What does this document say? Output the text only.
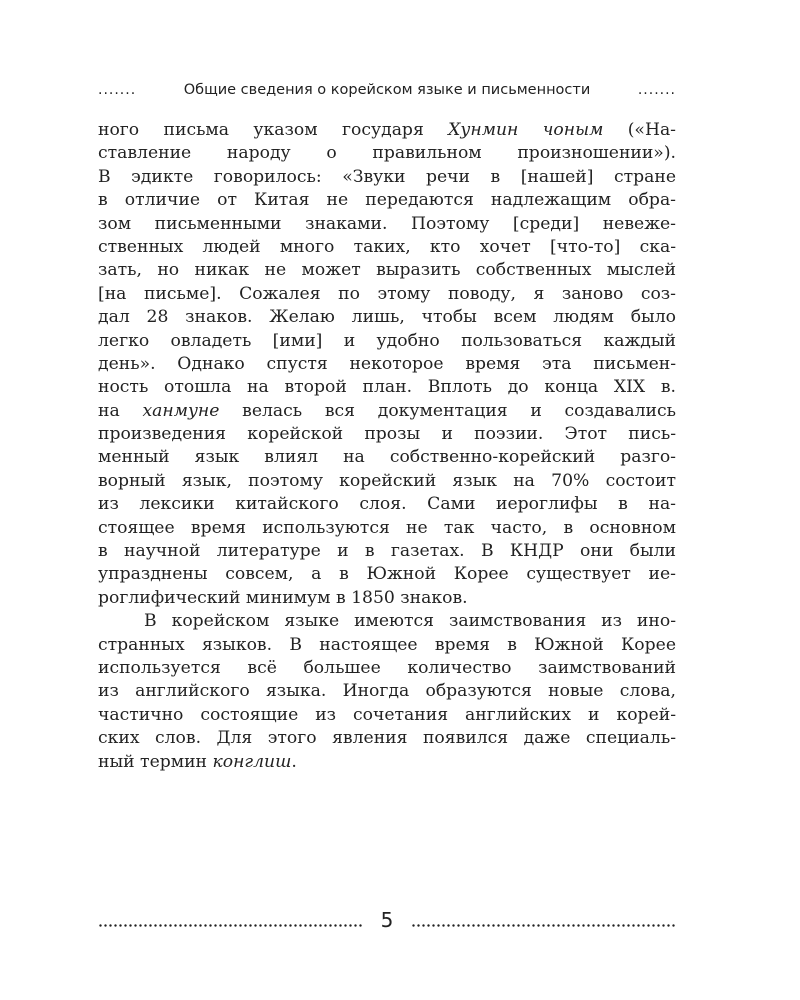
.......	Общие сведения о корейском языке и письменности	.......
ного письма указом государя Хунмин чоным («На-
ставление народу о правильном произношении»).
В эдикте говорилось: «Звуки речи в [нашей] стране
в отличие от Китая не передаются надлежащим обра-
зом письменными знаками. Поэтому [среди] невеже-
ственных людей много таких, кто хочет [что-то] ска-
зать, но никак не может выразить собственных мыслей
[на письме]. Сожалея по этому поводу, я заново соз-
дал 28 знаков. Желаю лишь, чтобы всем людям было
легко овладеть [ими] и удобно пользоваться каждый
день». Однако спустя некоторое время эта письмен-
ность отошла на второй план. Вплоть до конца XIX в.
на ханмуне велась вся документация и создавались
произведения корейской прозы и поэзии. Этот пись-
менный язык влиял на собственно-корейский разго-
ворный язык, поэтому корейский язык на 70% состоит
из лексики китайского слоя. Сами иероглифы в на-
стоящее время используются не так часто, в основном
в научной литературе и в газетах. В КНДР они были
упразднены совсем, а в Южной Корее существует ие-
роглифический минимум в 1850 знаков.
В корейском языке имеются заимствования из ино-
странных языков. В настоящее время в Южной Корее
используется всё большее количество заимствований
из английского языка. Иногда образуются новые слова,
частично состоящие из сочетания английских и корей-
ских слов. Для этого явления появился даже специаль-
ный термин конглиш.
5
